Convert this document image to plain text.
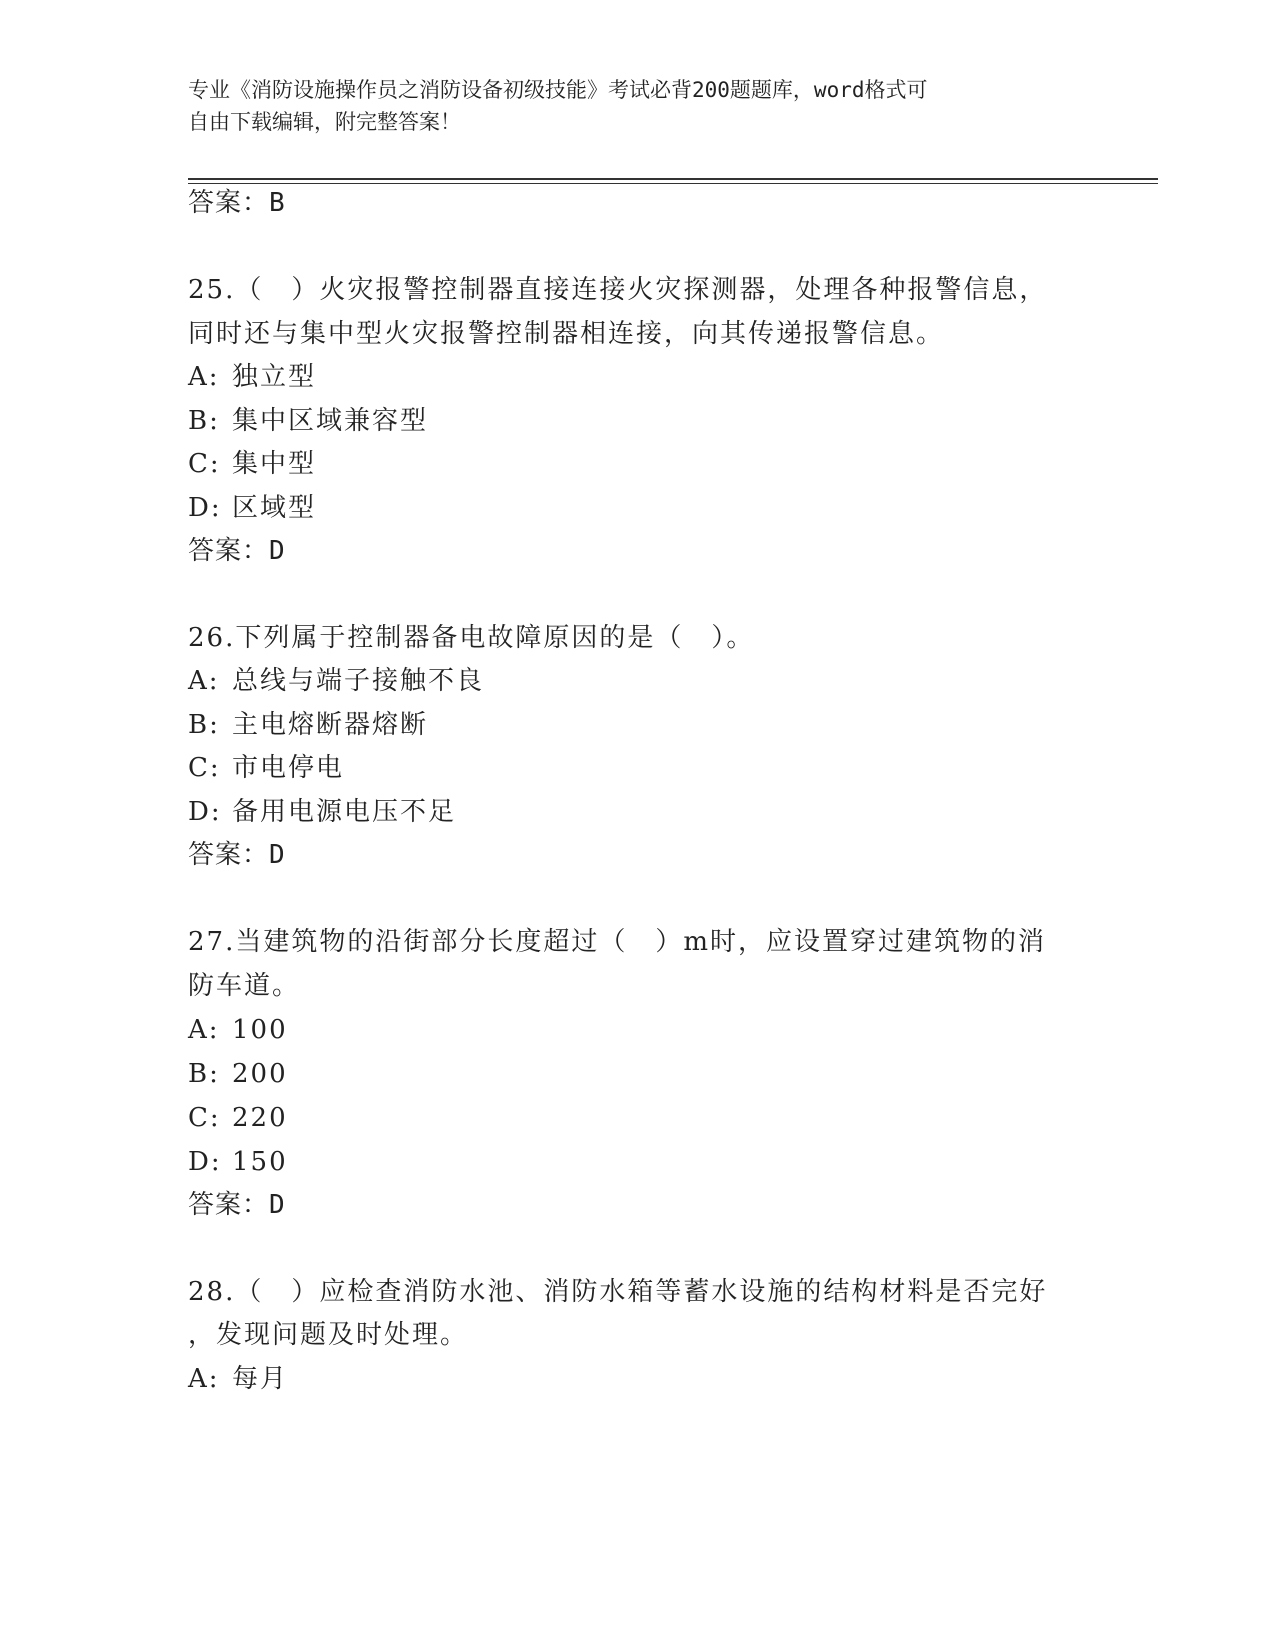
专业《消防设施操作员之消防设备初级技能》考试必背200题题库，word格式可
自由下载编辑，附完整答案！
答案：B
25.（　）火灾报警控制器直接连接火灾探测器，处理各种报警信息，
同时还与集中型火灾报警控制器相连接，向其传递报警信息。
A: 独立型
B: 集中区域兼容型
C: 集中型
D: 区域型
答案：D
26.下列属于控制器备电故障原因的是（　）。
A: 总线与端子接触不良
B: 主电熔断器熔断
C: 市电停电
D: 备用电源电压不足
答案：D
27.当建筑物的沿街部分长度超过（　）m时，应设置穿过建筑物的消
防车道。
A: 100
B: 200
C: 220
D: 150
答案：D
28.（　）应检查消防水池、消防水箱等蓄水设施的结构材料是否完好
，发现问题及时处理。
A: 每月
